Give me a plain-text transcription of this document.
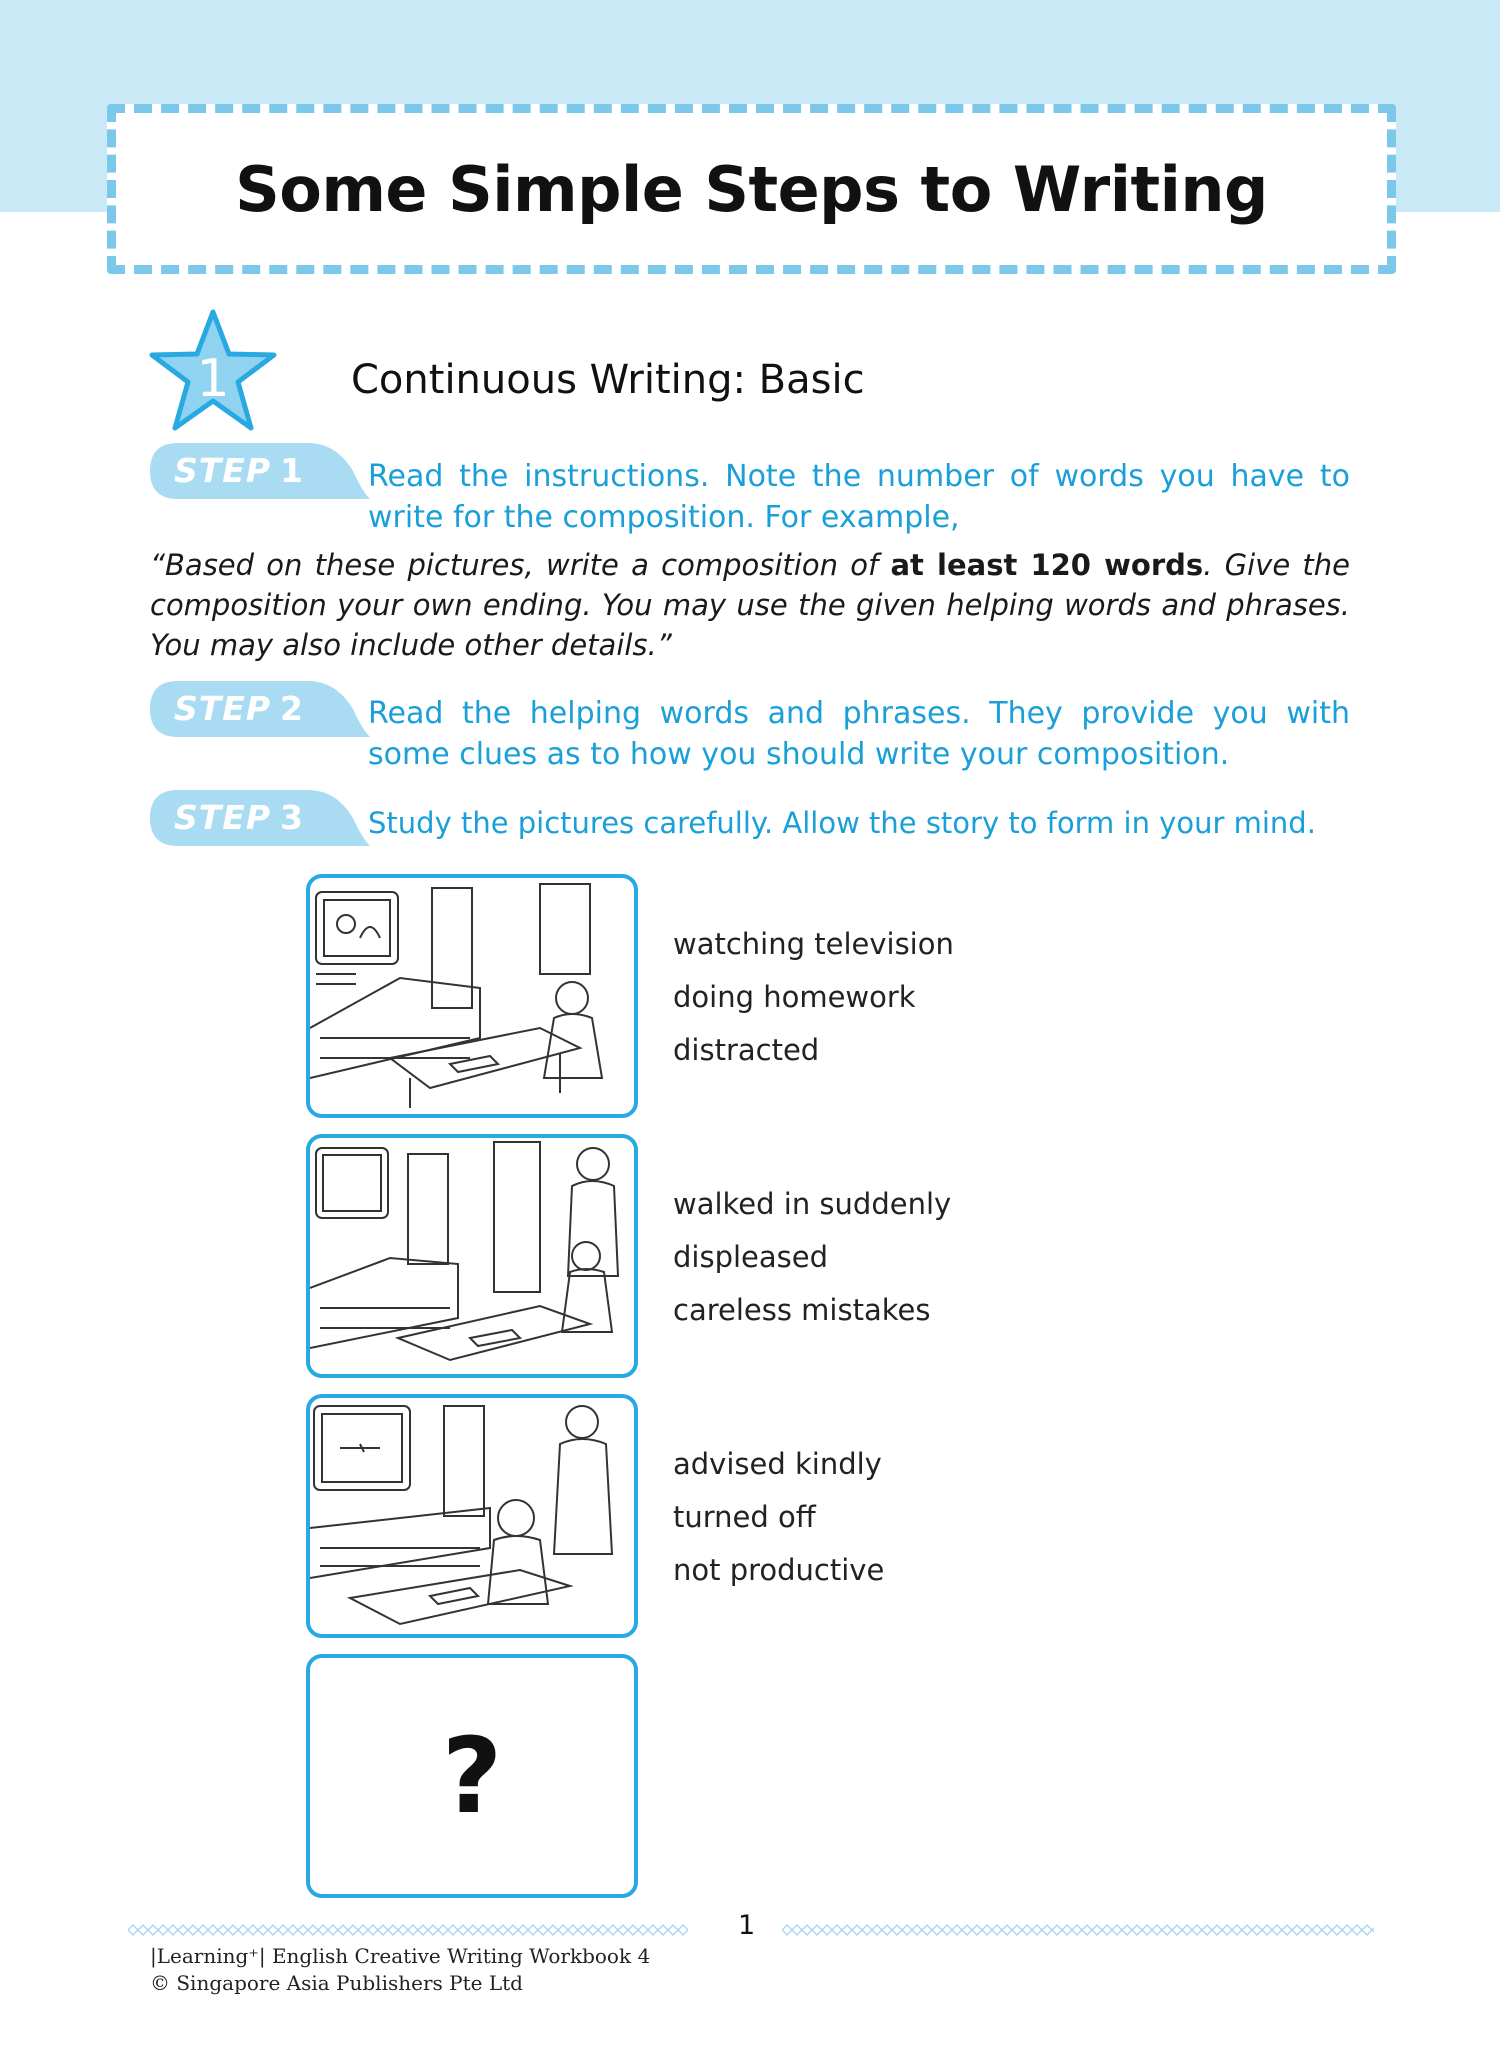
Some Simple Steps to Writing
1	Continuous Writing: Basic
STEP 1 Read the instructions. Note the number of words you have to write for the composition. For example,

“Based on these pictures, write a composition of at least 120 words. Give the composition your own ending. You may use the given helping words and phrases. You may also include other details.”

STEP 2 Read the helping words and phrases. They provide you with some clues as to how you should write your composition.

STEP 3 Study the pictures carefully. Allow the story to form in your mind.

watching television
doing homework
distracted
walked in suddenly
displeased
careless mistakes
advised kindly
turned off
not productive
?
1
|Learning⁺| English Creative Writing Workbook 4
© Singapore Asia Publishers Pte Ltd
